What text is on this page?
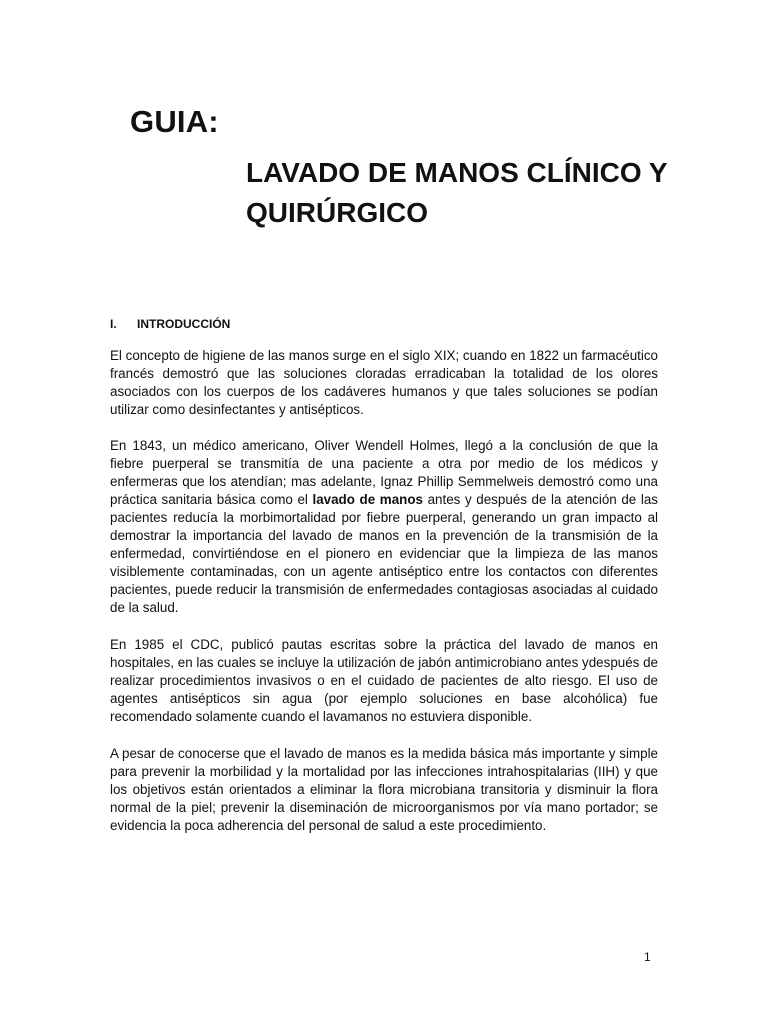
GUIA:
LAVADO DE MANOS CLÍNICO Y
QUIRÚRGICO
I.	INTRODUCCIÓN

El concepto de higiene de las manos surge en el siglo XIX; cuando en 1822 un farmacéutico francés demostró que las soluciones cloradas erradicaban la totalidad de los olores asociados con los cuerpos de los cadáveres humanos y que tales soluciones se podían utilizar como desinfectantes y antisépticos.

En 1843, un médico americano, Oliver Wendell Holmes, llegó a la conclusión de que la fiebre puerperal se transmitía de una paciente a otra por medio de los médicos y enfermeras que los atendían; mas adelante, Ignaz Phillip Semmelweis demostró como una práctica sanitaria básica como el lavado de manos antes y después de la atención de las pacientes reducía la morbimortalidad por fiebre puerperal, generando un gran impacto al demostrar la importancia del lavado de manos en la prevención de la transmisión de la enfermedad, convirtiéndose en el pionero en evidenciar que la limpieza de las manos visiblemente contaminadas, con un agente antiséptico entre los contactos con diferentes pacientes, puede reducir la transmisión de enfermedades contagiosas asociadas al cuidado de la salud.

En 1985 el CDC, publicó pautas escritas sobre la práctica del lavado de manos en hospitales, en las cuales se incluye la utilización de jabón antimicrobiano antes ydespués de realizar procedimientos invasivos o en el cuidado de pacientes de alto riesgo. El uso de agentes antisépticos sin agua (por ejemplo soluciones en base alcohólica) fue recomendado solamente cuando el lavamanos no estuviera disponible.

A pesar de conocerse que el lavado de manos es la medida básica más importante y simple para prevenir la morbilidad y la mortalidad por las infecciones intrahospitalarias (IIH) y que los objetivos están orientados a eliminar la flora microbiana transitoria y disminuir la flora normal de la piel; prevenir la diseminación de microorganismos por vía mano portador; se evidencia la poca adherencia del personal de salud a este procedimiento.

1
